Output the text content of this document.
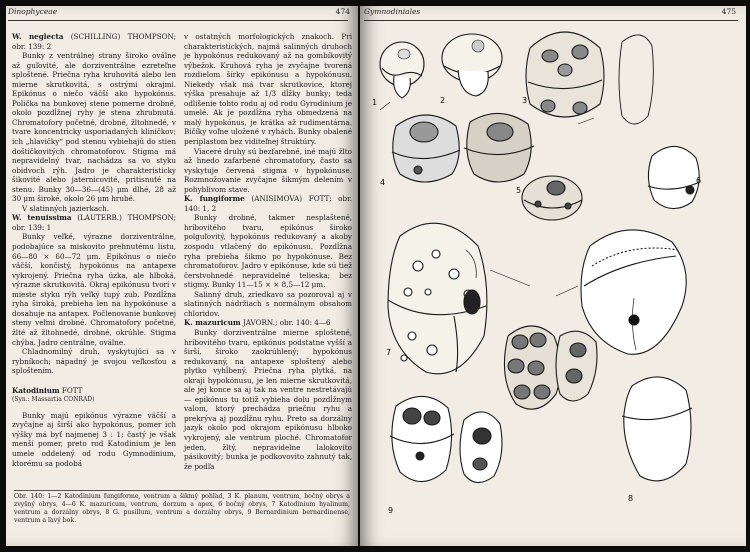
Dinophyceae	474

W. neglecta (SCHILLING) THOMPSON; obr. 139: 2

Bunky z ventrálnej strany široko oválne až guľovité, ale dorziventrálne ezreteľne sploštené. Priečna ryha kruhovitá alebo len mierne skrutkovitá, s ostrými okrajmi. Epikónus o niečo väčší ako hypokónus. Polička na bunkovej stene pomerne drobné, okolo pozdĺžnej ryhy je stena zhrubnutá. Chromatofory početné, drobné, žltohnedé, v tvare koncentricky usporiadaných kliničkov; ich „hlavičky“ pod stenou vybiehajú do stien doštičkovitých chromatoforov. Stigma má nepravidelný tvar, nachádza sa vo styku obidvoch rýh. Jadro je charakteristicky šikovité alebo jaternicovité, pritisnuté na stenu. Bunky 30—36—(45) μm dlhé, 28 až 30 μm široké, okolo 26 μm hrubé.

V slatinných jazierkach.

W. tenuissima (LAUTERB.) THOMPSON; obr. 139: 1

Bunky veľké, výrazne dorziventrálne, podobajúce sa miskovito prehnutému listu, 66—80 × 60—72 μm. Epikónus o niečo väčší, končistý, hypokónus na antapexe vykrojený. Priečna ryha úzka, ale hlboká, výrazne skrutkovitá. Okraj epikónusu tvorí v mieste styku rýh veľký tupý zub. Pozdĺžna ryha široká, prebieha len na hypokónuse a dosahuje na antapex. Počlenovanie bunkovej steny veľmi drobné. Chromatofory početné, žlté až žltohnedé, drobné, okrúhle. Stigma chýba. Jadro centrálne, oválne.

Chladnomilný druh, vyskytujúci sa v rybníkoch; nápadný je svojou veľkosťou a sploštením.

Katodinium FOTT

(Syn.: Massartia CONRAD)

Bunky majú epikónus výrazne väčší a zvyčajne aj širší ako hypokónus, pomer ich výšky má byť najmenej 3 : 1; častý je však menší pomer, preto rod Katodinium je len umele oddelený od rodu Gymnodinium, ktorému sa podobá

v ostatných morfologických znakoch. Pri charakteristických, najmä salinných druhoch je hypokónus redukovaný až na gombíkovitý výbežok. Kruhová ryha je zvyčajne tvorená rozdielom šírky epikónusu a hypokónusu. Niekedy však má tvar skrutkovice, ktorej výška presahuje až 1/3 dĺžky bunky; teda odlišenie tohto rodu aj od rodu Gyrodinium je umelé. Ak je pozdĺžna ryha obmedzená na malý hypokónus, je krátka až rudimentárna. Bičíky voľne uložené v ryhách. Bunky obalené periplastom bez viditeľnej štruktúry.

Viaceré druhy sú bezfarebné, iné majú žlto až hnedo zafarbené chromatofory, často sa vyskytuje červená stigma v hypokónuse. Rozmnožovanie zvyčajne šikmým delením v pohyblivom stave.

K. fungiforme (ANISIMOVA) FOTT; obr. 140: 1, 2

Bunky drobné, takmer nesplaštené, hríbovitého tvaru, epikónus široko polguľovitý, hypokónus redukovaný a akoby zospodu vtlačený do epikónusu. Pozdĺžna ryha prebieha šikmo po hypokónuse. Bez chromatoforov. Jadro v epikónuse, kde sú tiež čerstvohnedé nepravidelné telieska; bez stigmy. Bunky 11—15 × × 8,5—12 μm.

Salinný druh, zriedkavo sa pozoroval aj v slatinných nádržiach s normálnym obsahom chloridov.

K. mazuricum JAVORN.; obr. 140: 4—6

Bunky dorziventrálne mierne sploštené, hríbovitého tvaru, epikónus podstatne vyšší a širší, široko zaokrúhlený; hypokónus redukovaný, na antapexe sploštený alebo plytko vyhĺbený. Priečna ryha plytká, na okraji hypokónusu, je len mierne skrutkovitá, ale jej konce sa aj tak na ventre nestretávajú — epikónus tu totiž vybieha dolu pozdĺžnym valom, ktorý prechádza priečnu ryhu a prekrýva aj pozdĺžnu ryhu. Preto sa dorzálny jazyk okolo pod okrajom epikónusu hlboko vykrojený, ale ventrum ploché. Chromatofor jeden, žltý, nepravidelne lalokovito pásikovitý; bunka je podkovovito zahnutý tak, že podľa

Obr. 140: 1—2 Katodinium fungiforme, ventrum a šikmý pohľad, 3 K. planum, ventrum, bočný obrys a zvyšný obrys, 4—6 K. mazuricum, ventrum, dorzum a apex, 6 bočný obrys, 7 Katodinium hyalinum, ventrum a dorzálny obrys, 8 G. pusillum, ventrum a dorzálny obrys, 9 Bernardinium bernardinense, ventrum a ľavý bok.
Gymnodiniales	475
1	2	3
4
5
6
7
8
9
